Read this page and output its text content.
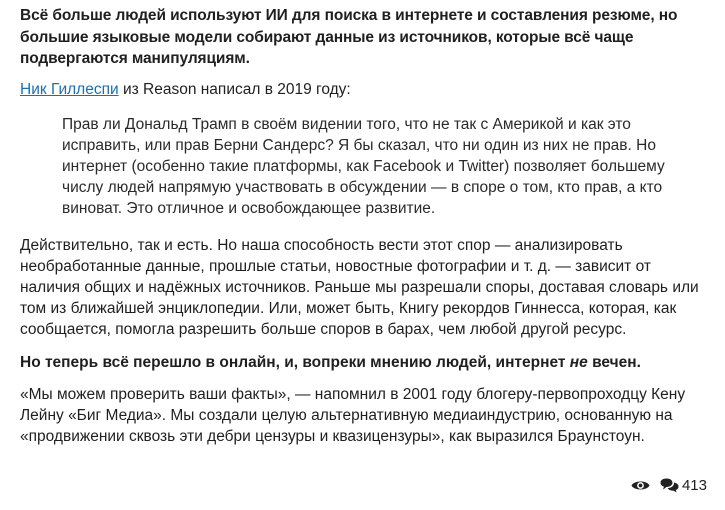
Всё больше людей используют ИИ для поиска в интернете и составления резюме, но большие языковые модели собирают данные из источников, которые всё чаще подвергаются манипуляциям.

Ник Гиллеспи из Reason написал в 2019 году:

Прав ли Дональд Трамп в своём видении того, что не так с Америкой и как это исправить, или прав Берни Сандерс? Я бы сказал, что ни один из них не прав. Но интернет (особенно такие платформы, как Facebook и Twitter) позволяет большему числу людей напрямую участвовать в обсуждении — в споре о том, кто прав, а кто виноват. Это отличное и освобождающее развитие.

Действительно, так и есть. Но наша способность вести этот спор — анализировать необработанные данные, прошлые статьи, новостные фотографии и т. д. — зависит от наличия общих и надёжных источников. Раньше мы разрешали споры, доставая словарь или том из ближайшей энциклопедии. Или, может быть, Книгу рекордов Гиннесса, которая, как сообщается, помогла разрешить больше споров в барах, чем любой другой ресурс.

Но теперь всё перешло в онлайн, и, вопреки мнению людей, интернет не вечен.

«Мы можем проверить ваши факты», — напомнил в 2001 году блогеру-первопроходцу Кену Лейну «Биг Медиа». Мы создали целую альтернативную медиаиндустрию, основанную на «продвижении сквозь эти дебри цензуры и квазицензуры», как выразился Браунстоун.

413
